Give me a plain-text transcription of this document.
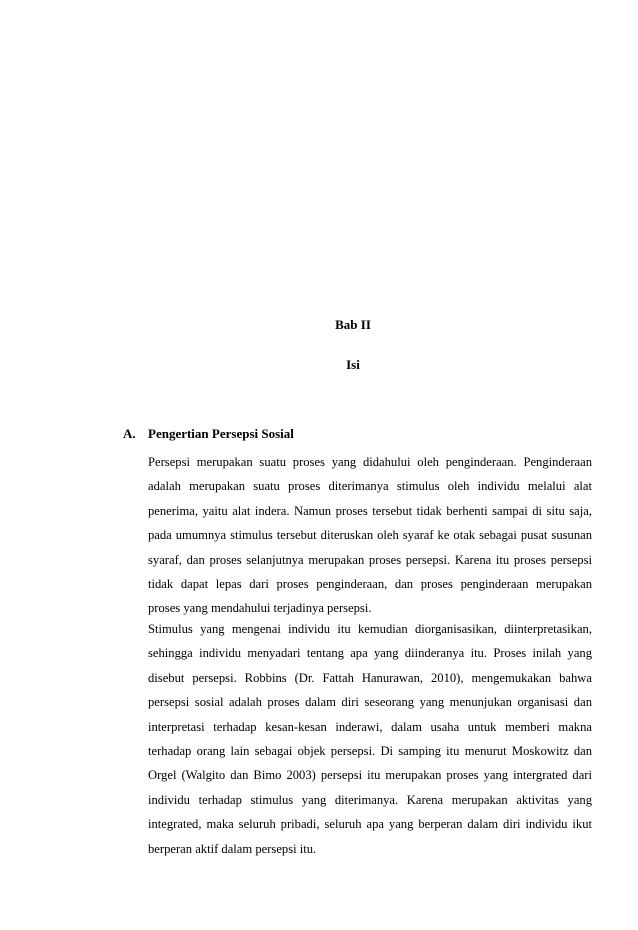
Bab II
Isi
A. Pengertian Persepsi Sosial
Persepsi merupakan suatu proses yang didahului oleh penginderaan. Penginderaan
adalah merupakan suatu proses diterimanya stimulus oleh individu melalui alat
penerima, yaitu alat indera. Namun proses tersebut tidak berhenti sampai di situ saja,
pada umumnya stimulus tersebut diteruskan oleh syaraf ke otak sebagai pusat susunan
syaraf, dan proses selanjutnya merupakan proses persepsi. Karena itu proses persepsi
tidak dapat lepas dari proses penginderaan, dan proses penginderaan merupakan
proses yang mendahului terjadinya persepsi.
Stimulus yang mengenai individu itu kemudian diorganisasikan, diinterpretasikan,
sehingga individu menyadari tentang apa yang diinderanya itu. Proses inilah yang
disebut persepsi. Robbins (Dr. Fattah Hanurawan, 2010), mengemukakan bahwa
persepsi sosial adalah proses dalam diri seseorang yang menunjukan organisasi dan
interpretasi terhadap kesan-kesan inderawi, dalam usaha untuk memberi makna
terhadap orang lain sebagai objek persepsi. Di samping itu menurut Moskowitz dan
Orgel (Walgito dan Bimo 2003) persepsi itu merupakan proses yang intergrated dari
individu terhadap stimulus yang diterimanya. Karena merupakan aktivitas yang
integrated, maka seluruh pribadi, seluruh apa yang berperan dalam diri individu ikut
berperan aktif dalam persepsi itu.
